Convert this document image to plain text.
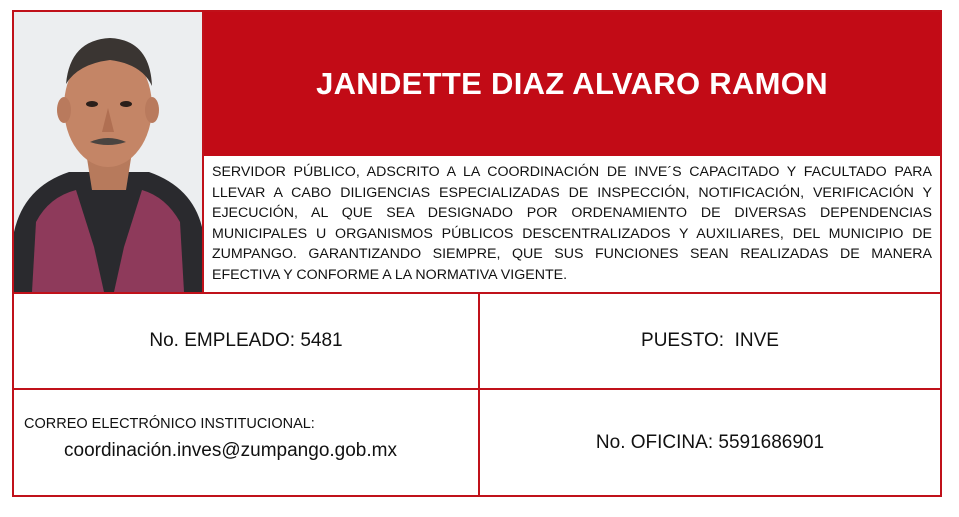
JANDETTE DIAZ ALVARO RAMON
SERVIDOR PÚBLICO, ADSCRITO A LA COORDINACIÓN DE INVE´S CAPACITADO Y FACULTADO PARA LLEVAR A CABO DILIGENCIAS ESPECIALIZADAS DE INSPECCIÓN, NOTIFICACIÓN, VERIFICACIÓN Y EJECUCIÓN, AL QUE SEA DESIGNADO POR ORDENAMIENTO DE DIVERSAS DEPENDENCIAS MUNICIPALES U ORGANISMOS PÚBLICOS DESCENTRALIZADOS Y AUXILIARES, DEL MUNICIPIO DE ZUMPANGO. GARANTIZANDO SIEMPRE, QUE SUS FUNCIONES SEAN REALIZADAS DE MANERA EFECTIVA Y CONFORME A LA NORMATIVA VIGENTE.
No. EMPLEADO: 5481	PUESTO:  INVE
CORREO ELECTRÓNICO INSTITUCIONAL:
coordinación.inves@zumpango.gob.mx	No. OFICINA: 5591686901
